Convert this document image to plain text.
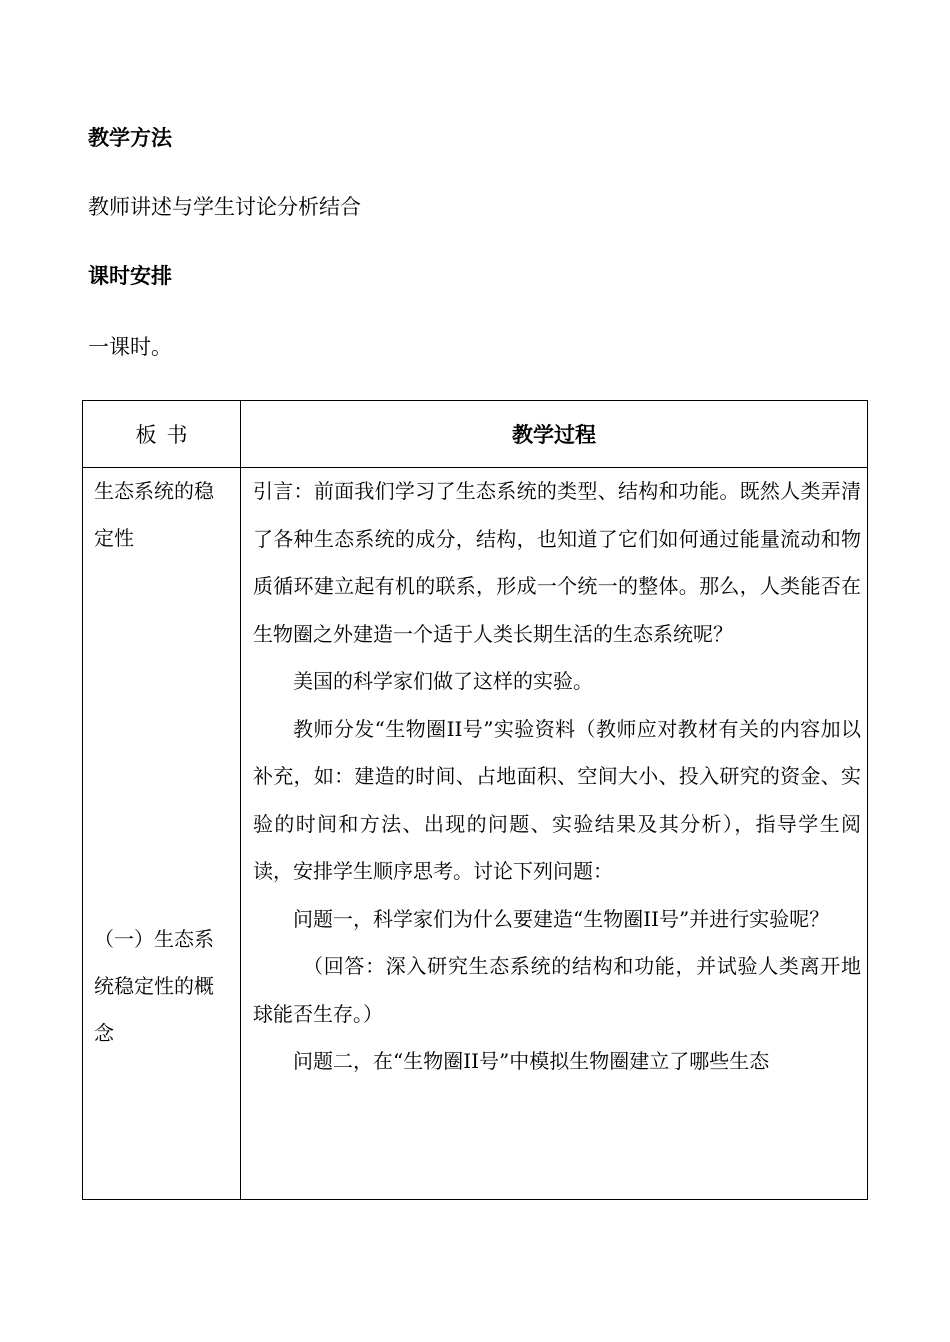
教学方法
教师讲述与学生讨论分析结合
课时安排
一课时。
板书	教学过程
生态系统的稳定性
（一）生态系统稳定性的概念

引言：前面我们学习了生态系统的类型、结构和功能。既然人类弄清了各种生态系统的成分，结构，也知道了它们如何通过能量流动和物质循环建立起有机的联系，形成一个统一的整体。那么，人类能否在生物圈之外建造一个适于人类长期生活的生态系统呢？

美国的科学家们做了这样的实验。

教师分发“生物圈II号”实验资料（教师应对教材有关的内容加以补充，如：建造的时间、占地面积、空间大小、投入研究的资金、实验的时间和方法、出现的问题、实验结果及其分析），指导学生阅读，安排学生顺序思考。讨论下列问题：

问题一，科学家们为什么要建造“生物圈II号”并进行实验呢？

（回答：深入研究生态系统的结构和功能，并试验人类离开地球能否生存。）

问题二，在“生物圈II号”中模拟生物圈建立了哪些生态
